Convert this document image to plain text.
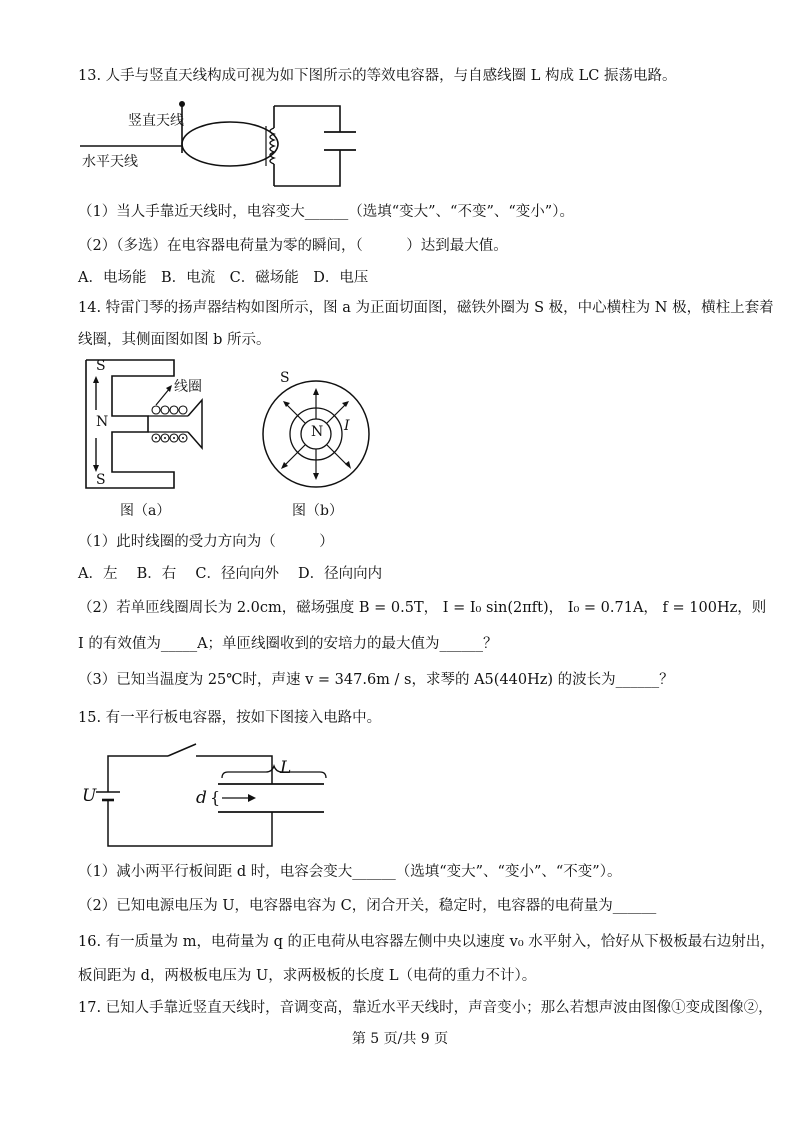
13. 人手与竖直天线构成可视为如下图所示的等效电容器，与自感线圈 L 构成 LC 振荡电路。
竖直天线
水平天线
（1）当人手靠近天线时，电容变大______（选填“变大”、“不变”、“变小”）。
（2）（多选）在电容器电荷量为零的瞬间，（　　　）达到最大值。
A．电场能　B．电流　C．磁场能　D．电压
14. 特雷门琴的扬声器结构如图所示，图 a 为正面切面图，磁铁外圈为 S 极，中心横柱为 N 极，横柱上套着
线圈，其侧面图如图 b 所示。
S
N
S
线圈
图（a）
S
N I
图（b）
（1）此时线圈的受力方向为（　　　）
A．左　 B．右　 C．径向向外　 D．径向向内
（2）若单匝线圈周长为 2.0cm，磁场强度 B = 0.5T， I = I₀ sin(2πft)， I₀ = 0.71A， f = 100Hz，则
I 的有效值为_____A；单匝线圈收到的安培力的最大值为______？
（3）已知当温度为 25℃时，声速 v = 347.6m / s，求琴的 A5(440Hz) 的波长为______？
15. 有一平行板电容器，按如下图接入电路中。
U	d {
L
（1）减小两平行板间距 d 时，电容会变大______（选填“变大”、“变小”、“不变”）。
（2）已知电源电压为 U，电容器电容为 C，闭合开关，稳定时，电容器的电荷量为______
16. 有一质量为 m，电荷量为 q 的正电荷从电容器左侧中央以速度 v₀ 水平射入，恰好从下极板最右边射出，
板间距为 d，两极板电压为 U，求两极板的长度 L（电荷的重力不计）。
17. 已知人手靠近竖直天线时，音调变高，靠近水平天线时，声音变小；那么若想声波由图像①变成图像②，
第 5 页/共 9 页
